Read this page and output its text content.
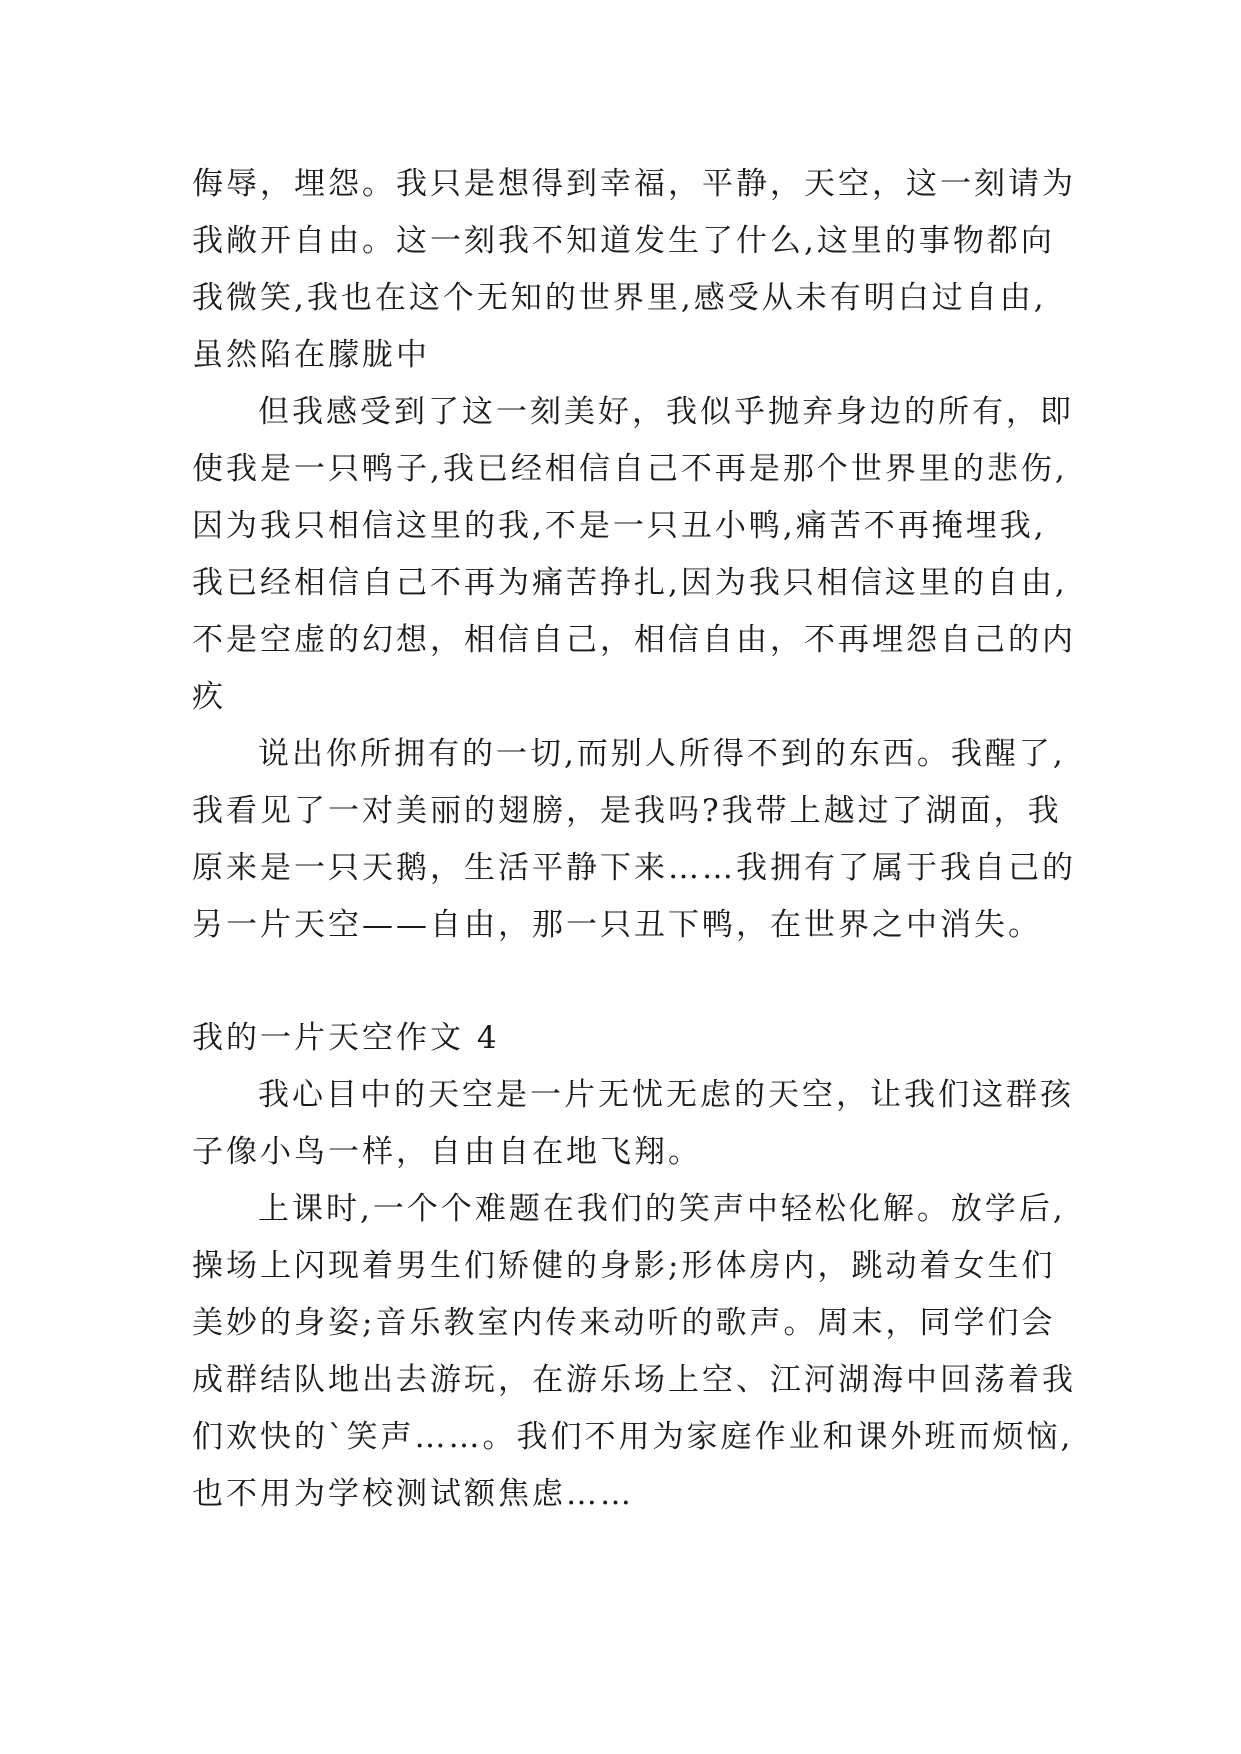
侮辱，埋怨。我只是想得到幸福，平静，天空，这一刻请为
我敞开自由。这一刻我不知道发生了什么,这里的事物都向
我微笑,我也在这个无知的世界里,感受从未有明白过自由,
虽然陷在朦胧中
但我感受到了这一刻美好，我似乎抛弃身边的所有，即
使我是一只鸭子,我已经相信自己不再是那个世界里的悲伤,
因为我只相信这里的我,不是一只丑小鸭,痛苦不再掩埋我,
我已经相信自己不再为痛苦挣扎,因为我只相信这里的自由,
不是空虚的幻想，相信自己，相信自由，不再埋怨自己的内
疚
说出你所拥有的一切,而别人所得不到的东西。我醒了,
我看见了一对美丽的翅膀，是我吗?我带上越过了湖面，我
原来是一只天鹅，生活平静下来……我拥有了属于我自己的
另一片天空——自由，那一只丑下鸭，在世界之中消失。
我的一片天空作文 4
我心目中的天空是一片无忧无虑的天空，让我们这群孩
子像小鸟一样，自由自在地飞翔。
上课时,一个个难题在我们的笑声中轻松化解。放学后,
操场上闪现着男生们矫健的身影;形体房内，跳动着女生们
美妙的身姿;音乐教室内传来动听的歌声。周末，同学们会
成群结队地出去游玩，在游乐场上空、江河湖海中回荡着我
们欢快的`笑声……。我们不用为家庭作业和课外班而烦恼,
也不用为学校测试额焦虑……
